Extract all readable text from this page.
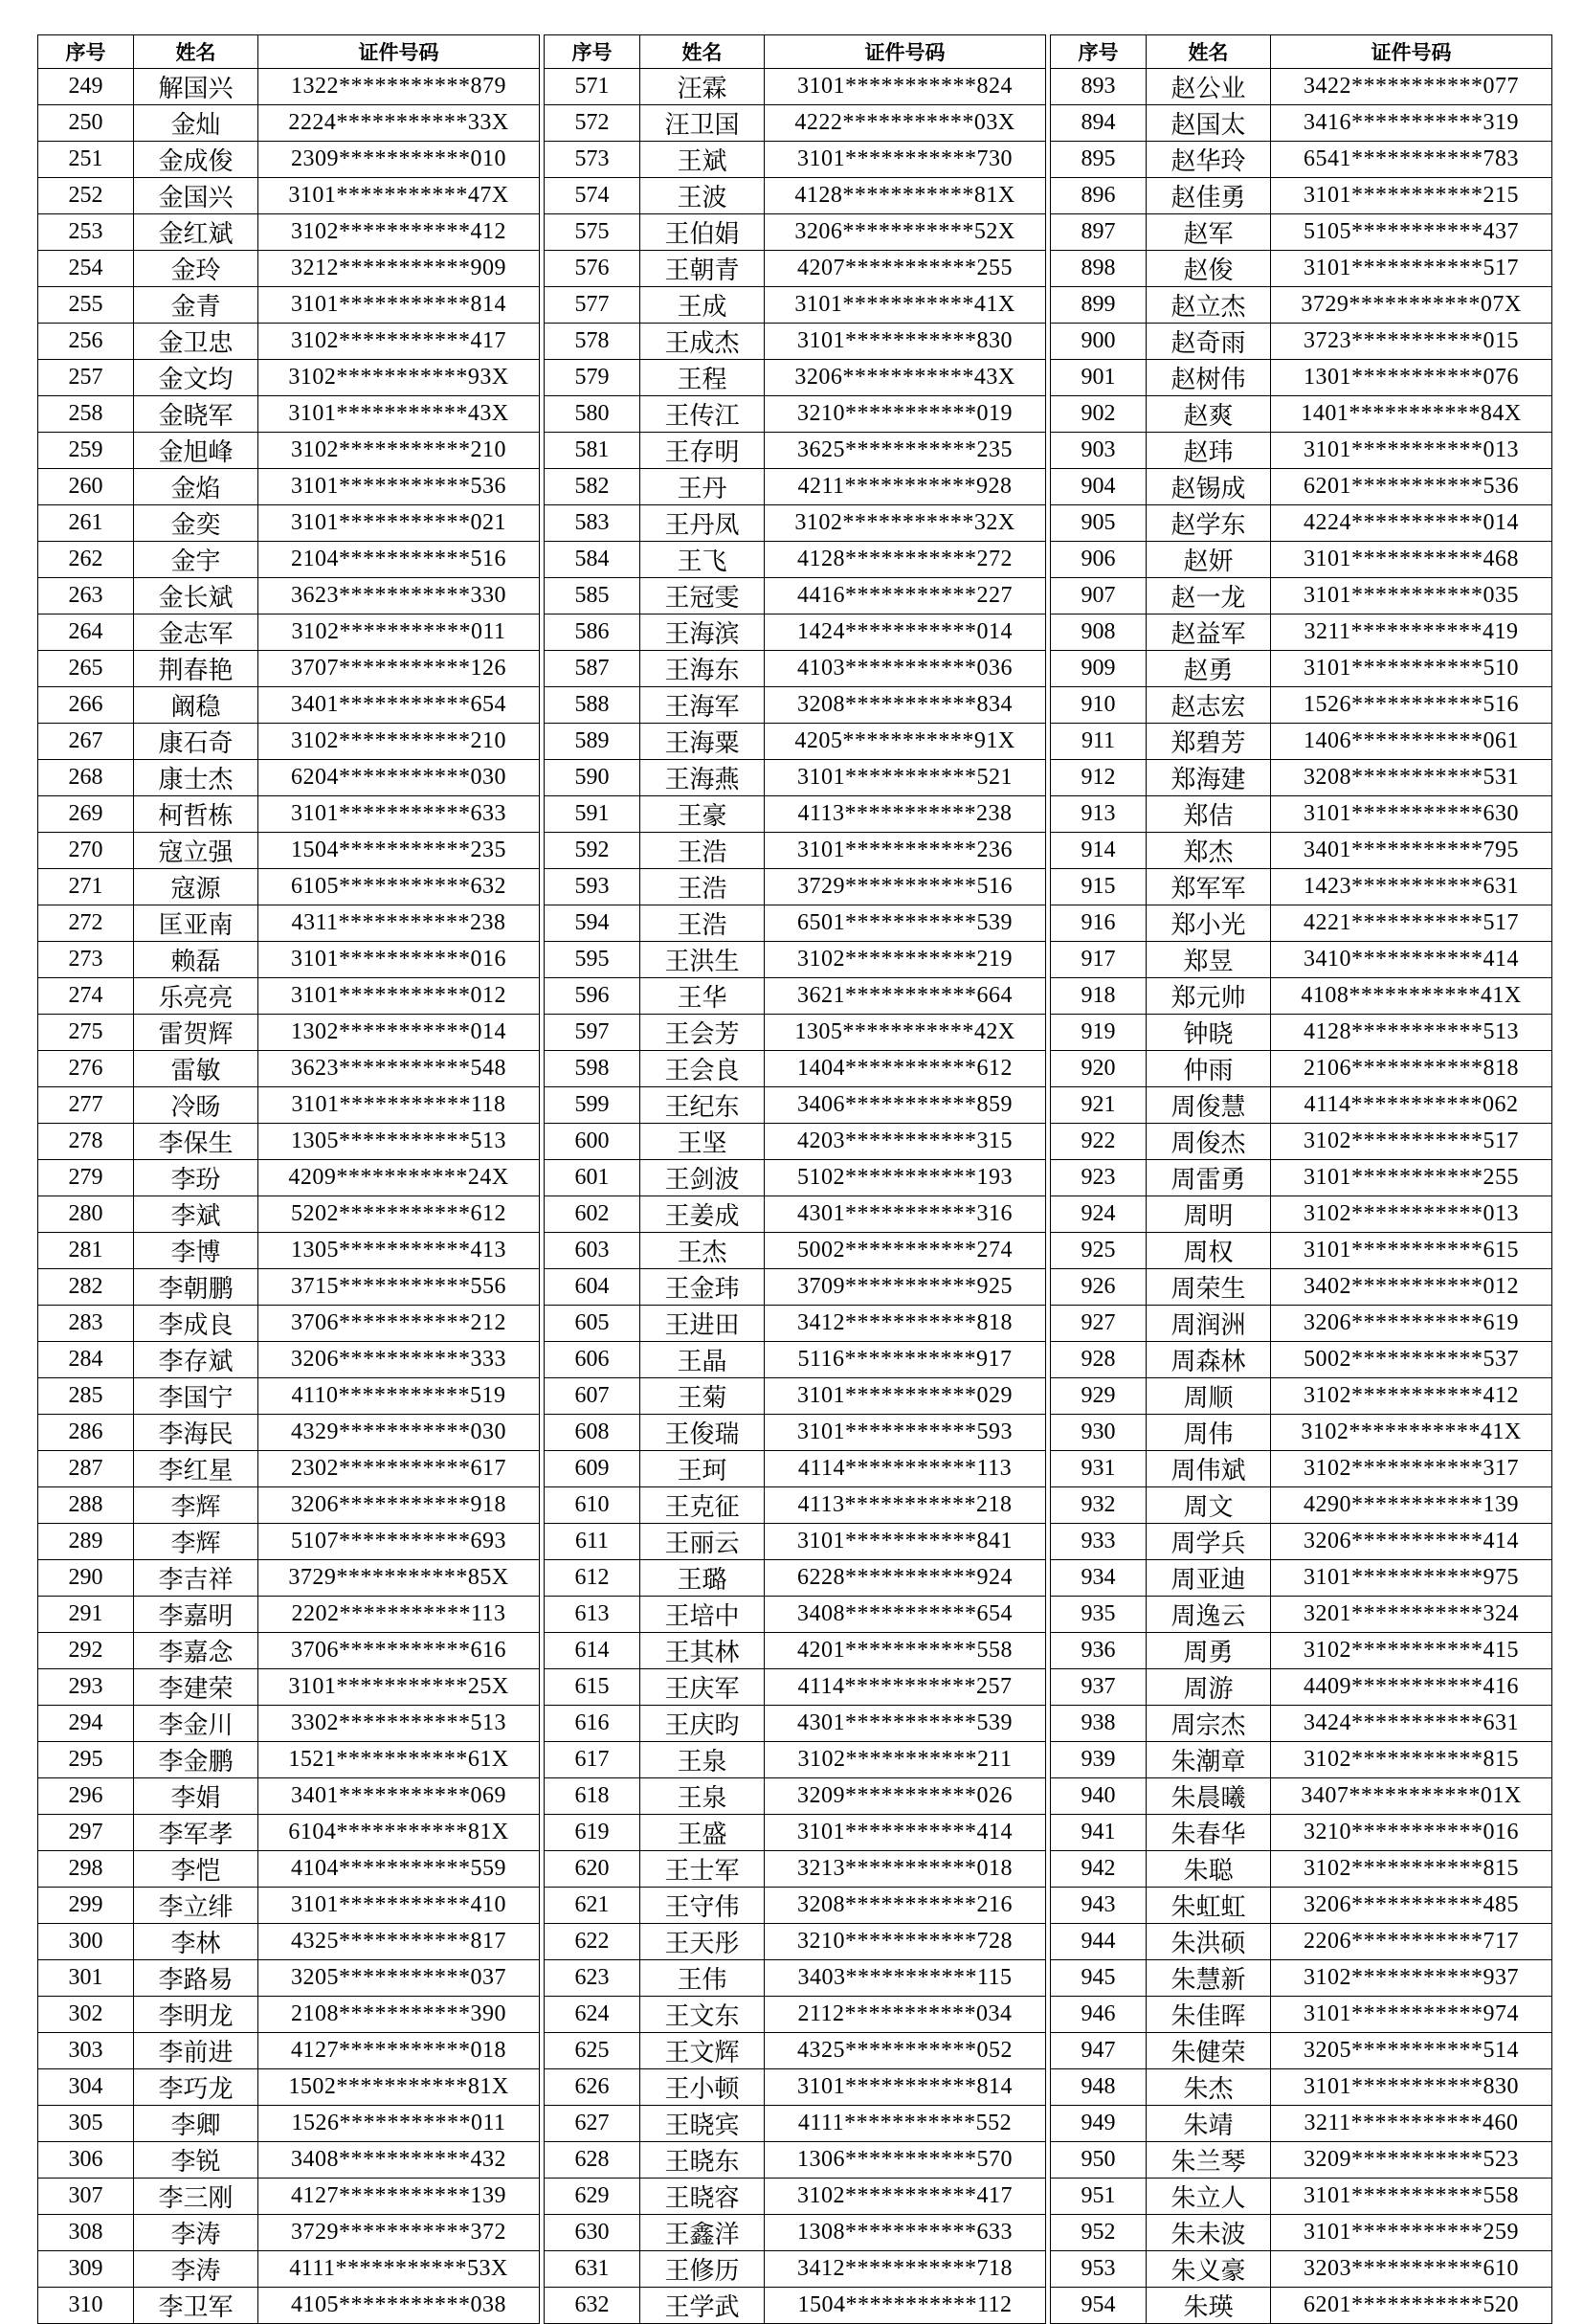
序号	姓名	证件号码
249	解国兴	1322***********879
250	金灿	2224***********33X
251	金成俊	2309***********010
252	金国兴	3101***********47X
253	金红斌	3102***********412
254	金玲	3212***********909
255	金青	3101***********814
256	金卫忠	3102***********417
257	金文均	3102***********93X
258	金晓军	3101***********43X
259	金旭峰	3102***********210
260	金焰	3101***********536
261	金奕	3101***********021
262	金宇	2104***********516
263	金长斌	3623***********330
264	金志军	3102***********011
265	荆春艳	3707***********126
266	阚稳	3401***********654
267	康石奇	3102***********210
268	康士杰	6204***********030
269	柯哲栋	3101***********633
270	寇立强	1504***********235
271	寇源	6105***********632
272	匡亚南	4311***********238
273	赖磊	3101***********016
274	乐亮亮	3101***********012
275	雷贺辉	1302***********014
276	雷敏	3623***********548
277	冷旸	3101***********118
278	李保生	1305***********513
279	李玢	4209***********24X
280	李斌	5202***********612
281	李博	1305***********413
282	李朝鹏	3715***********556
283	李成良	3706***********212
284	李存斌	3206***********333
285	李国宁	4110***********519
286	李海民	4329***********030
287	李红星	2302***********617
288	李辉	3206***********918
289	李辉	5107***********693
290	李吉祥	3729***********85X
291	李嘉明	2202***********113
292	李嘉念	3706***********616
293	李建荣	3101***********25X
294	李金川	3302***********513
295	李金鹏	1521***********61X
296	李娟	3401***********069
297	李军孝	6104***********81X
298	李恺	4104***********559
299	李立绯	3101***********410
300	李林	4325***********817
301	李路易	3205***********037
302	李明龙	2108***********390
303	李前进	4127***********018
304	李巧龙	1502***********81X
305	李卿	1526***********011
306	李锐	3408***********432
307	李三刚	4127***********139
308	李涛	3729***********372
309	李涛	4111***********53X
310	李卫军	4105***********038
序号	姓名	证件号码
571	汪霖	3101***********824
572	汪卫国	4222***********03X
573	王斌	3101***********730
574	王波	4128***********81X
575	王伯娟	3206***********52X
576	王朝青	4207***********255
577	王成	3101***********41X
578	王成杰	3101***********830
579	王程	3206***********43X
580	王传江	3210***********019
581	王存明	3625***********235
582	王丹	4211***********928
583	王丹凤	3102***********32X
584	王飞	4128***********272
585	王冠雯	4416***********227
586	王海滨	1424***********014
587	王海东	4103***********036
588	王海军	3208***********834
589	王海粟	4205***********91X
590	王海燕	3101***********521
591	王豪	4113***********238
592	王浩	3101***********236
593	王浩	3729***********516
594	王浩	6501***********539
595	王洪生	3102***********219
596	王华	3621***********664
597	王会芳	1305***********42X
598	王会良	1404***********612
599	王纪东	3406***********859
600	王坚	4203***********315
601	王剑波	5102***********193
602	王姜成	4301***********316
603	王杰	5002***********274
604	王金玮	3709***********925
605	王进田	3412***********818
606	王晶	5116***********917
607	王菊	3101***********029
608	王俊瑞	3101***********593
609	王珂	4114***********113
610	王克征	4113***********218
611	王丽云	3101***********841
612	王璐	6228***********924
613	王培中	3408***********654
614	王其林	4201***********558
615	王庆军	4114***********257
616	王庆昀	4301***********539
617	王泉	3102***********211
618	王泉	3209***********026
619	王盛	3101***********414
620	王士军	3213***********018
621	王守伟	3208***********216
622	王天彤	3210***********728
623	王伟	3403***********115
624	王文东	2112***********034
625	王文辉	4325***********052
626	王小顿	3101***********814
627	王晓宾	4111***********552
628	王晓东	1306***********570
629	王晓容	3102***********417
630	王鑫洋	1308***********633
631	王修历	3412***********718
632	王学武	1504***********112
序号	姓名	证件号码
893	赵公业	3422***********077
894	赵国太	3416***********319
895	赵华玲	6541***********783
896	赵佳勇	3101***********215
897	赵军	5105***********437
898	赵俊	3101***********517
899	赵立杰	3729***********07X
900	赵奇雨	3723***********015
901	赵树伟	1301***********076
902	赵爽	1401***********84X
903	赵玮	3101***********013
904	赵锡成	6201***********536
905	赵学东	4224***********014
906	赵妍	3101***********468
907	赵一龙	3101***********035
908	赵益军	3211***********419
909	赵勇	3101***********510
910	赵志宏	1526***********516
911	郑碧芳	1406***********061
912	郑海建	3208***********531
913	郑佶	3101***********630
914	郑杰	3401***********795
915	郑军军	1423***********631
916	郑小光	4221***********517
917	郑昱	3410***********414
918	郑元帅	4108***********41X
919	钟晓	4128***********513
920	仲雨	2106***********818
921	周俊慧	4114***********062
922	周俊杰	3102***********517
923	周雷勇	3101***********255
924	周明	3102***********013
925	周权	3101***********615
926	周荣生	3402***********012
927	周润洲	3206***********619
928	周森林	5002***********537
929	周顺	3102***********412
930	周伟	3102***********41X
931	周伟斌	3102***********317
932	周文	4290***********139
933	周学兵	3206***********414
934	周亚迪	3101***********975
935	周逸云	3201***********324
936	周勇	3102***********415
937	周游	4409***********416
938	周宗杰	3424***********631
939	朱潮章	3102***********815
940	朱晨曦	3407***********01X
941	朱春华	3210***********016
942	朱聪	3102***********815
943	朱虹虹	3206***********485
944	朱洪硕	2206***********717
945	朱慧新	3102***********937
946	朱佳晖	3101***********974
947	朱健荣	3205***********514
948	朱杰	3101***********830
949	朱靖	3211***********460
950	朱兰琴	3209***********523
951	朱立人	3101***********558
952	朱未波	3101***********259
953	朱义豪	3203***********610
954	朱瑛	6201***********520
